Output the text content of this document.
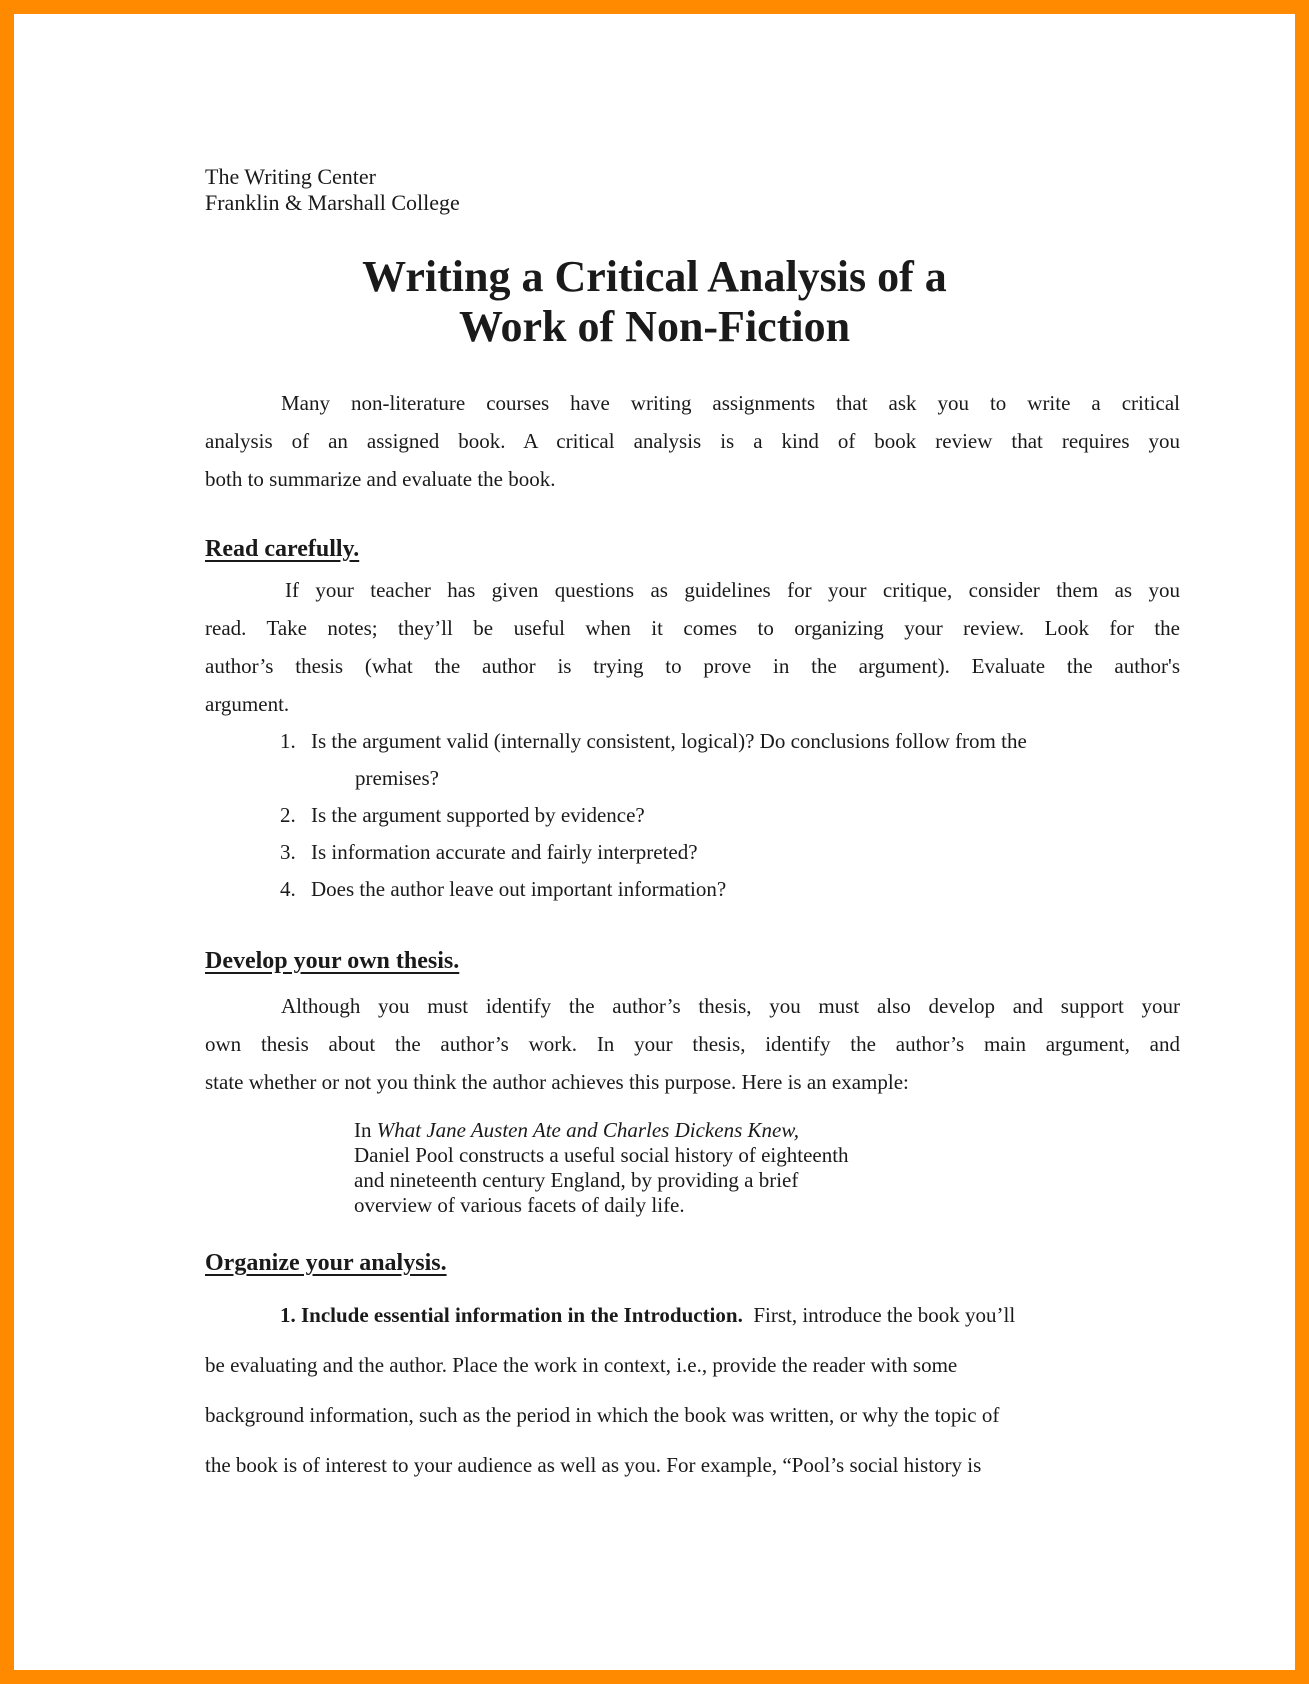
The Writing Center
Franklin & Marshall College
Writing a Critical Analysis of a
Work of Non-Fiction
Many non-literature courses have writing assignments that ask you to write a critical
analysis of an assigned book. A critical analysis is a kind of book review that requires you
both to summarize and evaluate the book.
Read carefully.
If your teacher has given questions as guidelines for your critique, consider them as you
read. Take notes; they’ll be useful when it comes to organizing your review. Look for the
author’s thesis (what the author is trying to prove in the argument). Evaluate the author's
argument.
1. Is the argument valid (internally consistent, logical)? Do conclusions follow from the
premises?
2. Is the argument supported by evidence?
3. Is information accurate and fairly interpreted?
4. Does the author leave out important information?
Develop your own thesis.
Although you must identify the author’s thesis, you must also develop and support your
own thesis about the author’s work. In your thesis, identify the author’s main argument, and
state whether or not you think the author achieves this purpose. Here is an example:
In What Jane Austen Ate and Charles Dickens Knew,
Daniel Pool constructs a useful social history of eighteenth
and nineteenth century England, by providing a brief
overview of various facets of daily life.
Organize your analysis.
1. Include essential information in the Introduction.  First, introduce the book you’ll
be evaluating and the author. Place the work in context, i.e., provide the reader with some
background information, such as the period in which the book was written, or why the topic of
the book is of interest to your audience as well as you. For example, “Pool’s social history is
